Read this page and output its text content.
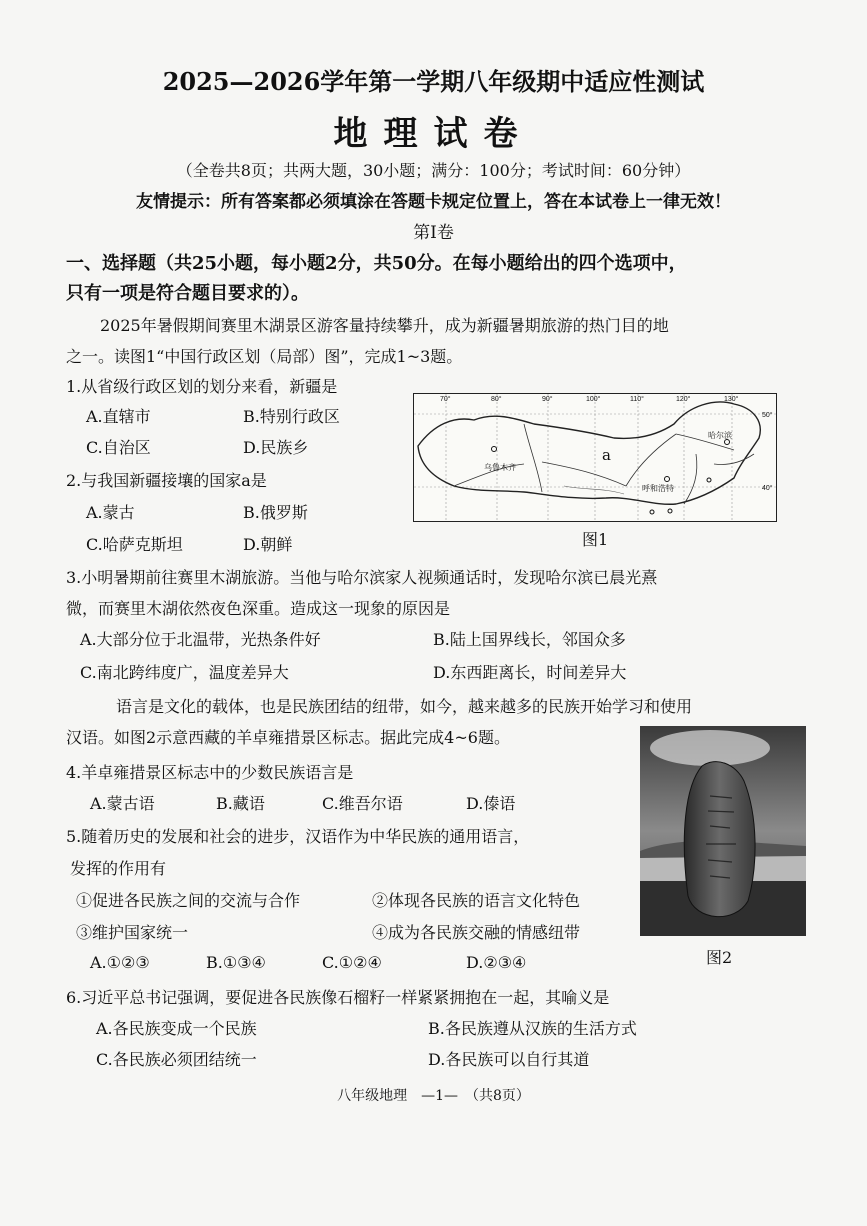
2025—2026学年第一学期八年级期中适应性测试
地理试卷
（全卷共8页；共两大题，30小题；满分：100分；考试时间：60分钟）
友情提示：所有答案都必须填涂在答题卡规定位置上，答在本试卷上一律无效！
第Ⅰ卷
一、选择题（共25小题，每小题2分，共50分。在每小题给出的四个选项中，
只有一项是符合题目要求的）。
2025年暑假期间赛里木湖景区游客量持续攀升，成为新疆暑期旅游的热门目的地
之一。读图1“中国行政区划（局部）图”，完成1~3题。
1.从省级行政区划的划分来看，新疆是
A.直辖市	B.特别行政区
C.自治区	D.民族乡
2.与我国新疆接壤的国家a是
A.蒙古	B.俄罗斯
C.哈萨克斯坦	D.朝鲜
70°	80°	90°	100°	110°	120°	130°
50°
40°
a
乌鲁木齐
哈尔滨
呼和浩特
图1
3.小明暑期前往赛里木湖旅游。当他与哈尔滨家人视频通话时，发现哈尔滨已晨光熹
微，而赛里木湖依然夜色深重。造成这一现象的原因是
A.大部分位于北温带，光热条件好	B.陆上国界线长，邻国众多
C.南北跨纬度广，温度差异大	D.东西距离长，时间差异大
语言是文化的载体，也是民族团结的纽带，如今，越来越多的民族开始学习和使用
汉语。如图2示意西藏的羊卓雍措景区标志。据此完成4~6题。
图2
4.羊卓雍措景区标志中的少数民族语言是
A.蒙古语	B.藏语	C.维吾尔语	D.傣语
5.随着历史的发展和社会的进步，汉语作为中华民族的通用语言，
发挥的作用有
①促进各民族之间的交流与合作	②体现各民族的语言文化特色
③维护国家统一	④成为各民族交融的情感纽带
A.①②③	B.①③④	C.①②④	D.②③④
6.习近平总书记强调，要促进各民族像石榴籽一样紧紧拥抱在一起，其喻义是
A.各民族变成一个民族	B.各民族遵从汉族的生活方式
C.各民族必须团结统一	D.各民族可以自行其道
八年级地理　—1—　（共8页）
